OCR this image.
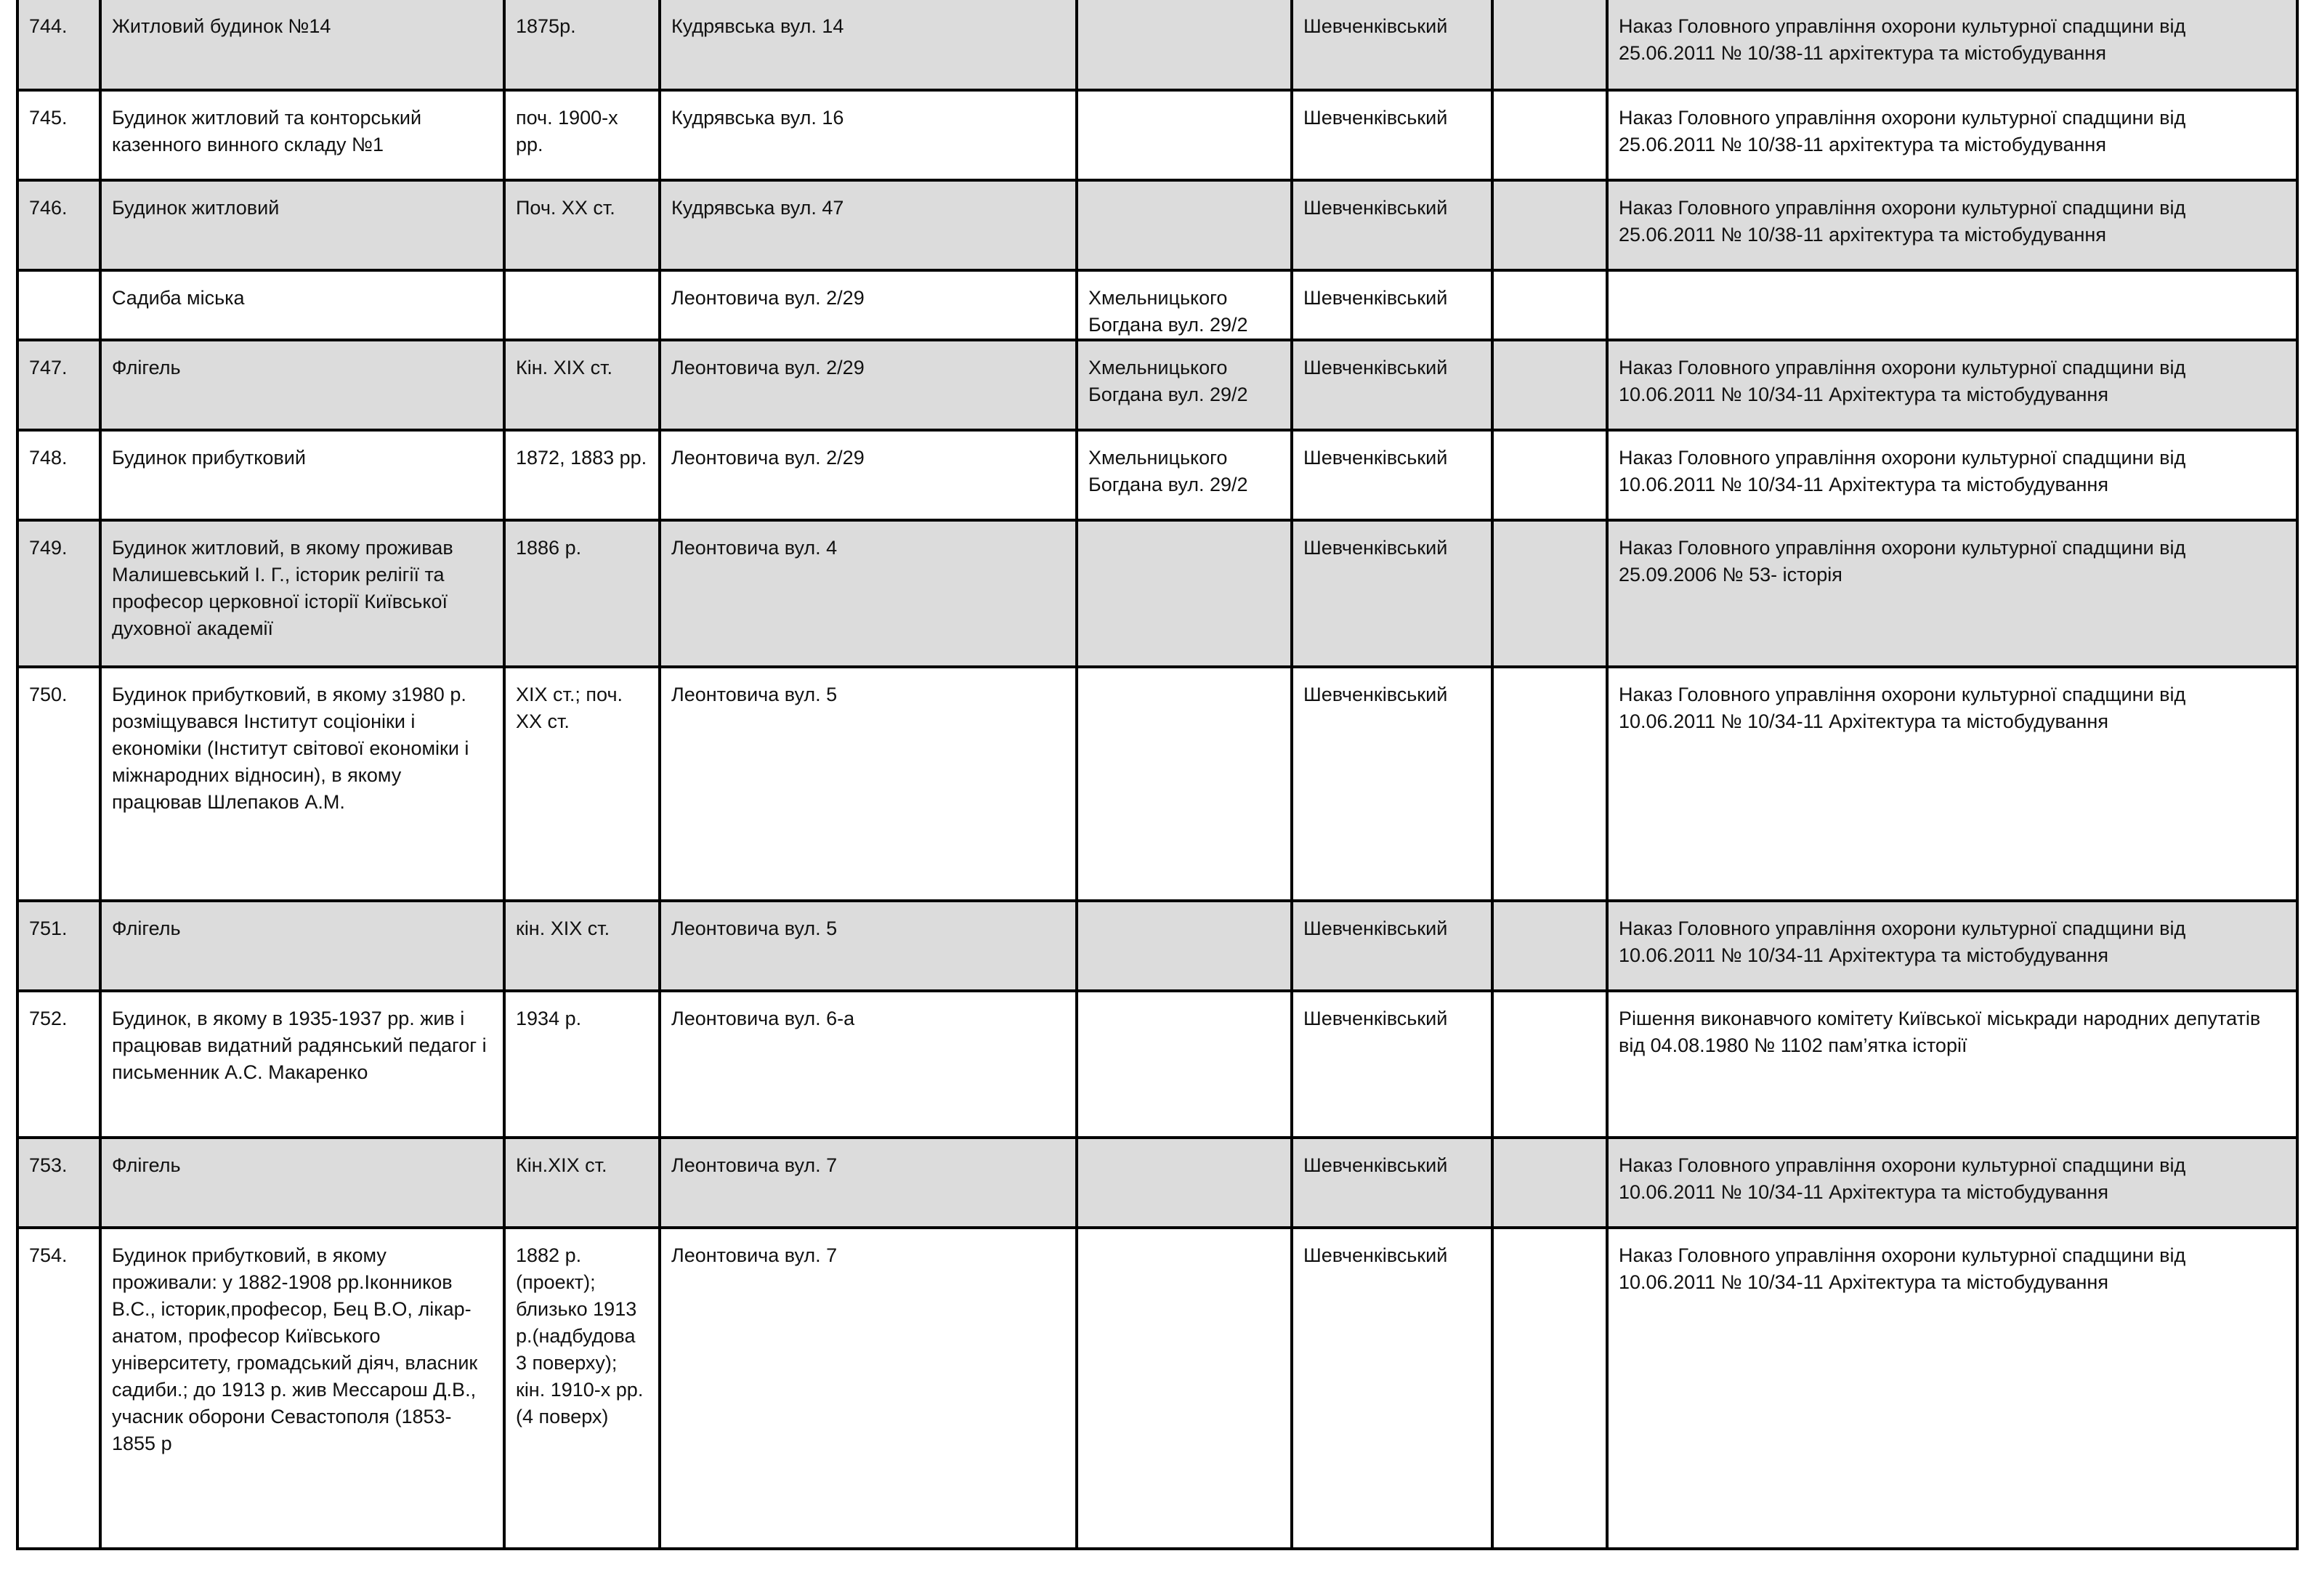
744.	Житловий будинок №14	1875р.	Кудрявська вул. 14		Шевченківський		Наказ Головного управління охорони культурної спадщини від 25.06.2011 № 10/38-11 архітектура та містобудування
745.	Будинок житловий та конторський казенного винного складу №1	поч. 1900-х рр.	Кудрявська вул. 16		Шевченківський		Наказ Головного управління охорони культурної спадщини від 25.06.2011 № 10/38-11 архітектура та містобудування
746.	Будинок житловий	Поч. ХХ ст.	Кудрявська вул. 47		Шевченківський		Наказ Головного управління охорони культурної спадщини від 25.06.2011 № 10/38-11 архітектура та містобудування
	Садиба міська		Леонтовича вул. 2/29	Хмельницького Богдана вул. 29/2	Шевченківський		
747.	Флігель	Кін. ХІХ ст.	Леонтовича вул. 2/29	Хмельницького Богдана вул. 29/2	Шевченківський		Наказ Головного управління охорони культурної спадщини від 10.06.2011 № 10/34-11 Архітектура та містобудування
748.	Будинок прибутковий	1872, 1883 рр.	Леонтовича вул. 2/29	Хмельницького Богдана вул. 29/2	Шевченківський		Наказ Головного управління охорони культурної спадщини від 10.06.2011 № 10/34-11 Архітектура та містобудування
749.	Будинок житловий, в якому проживав Малишевський І. Г., історик релігії та професор церковної історії Київської духовної академії	1886 р.	Леонтовича вул. 4		Шевченківський		Наказ Головного управління охорони культурної спадщини від 25.09.2006 № 53- історія
750.	Будинок прибутковий, в якому з1980 р. розміщувався Інститут соціоніки і економіки (Інститут світової економіки і міжнародних відносин), в якому працював Шлепаков А.М.	ХІХ ст.; поч. ХХ ст.	Леонтовича вул. 5		Шевченківський		Наказ Головного управління охорони культурної спадщини від 10.06.2011 № 10/34-11 Архітектура та містобудування
751.	Флігель	кін. ХІХ ст.	Леонтовича вул. 5		Шевченківський		Наказ Головного управління охорони культурної спадщини від 10.06.2011 № 10/34-11 Архітектура та містобудування
752.	Будинок, в якому в 1935-1937 рр. жив і працював видатний радянський педагог і письменник А.С. Макаренко	1934 р.	Леонтовича вул. 6-а		Шевченківський		Рішення виконавчого комітету Київської міськради народних депутатів від 04.08.1980 № 1102 пам’ятка історії
753.	Флігель	Кін.ХІХ ст.	Леонтовича вул. 7		Шевченківський		Наказ Головного управління охорони культурної спадщини від 10.06.2011 № 10/34-11 Архітектура та містобудування
754.	Будинок прибутковий, в якому проживали: у 1882-1908 рр.Іконников В.С., історик,професор, Бец В.О, лікар-анатом, професор Київського університету, громадський діяч, власник садиби.; до 1913 р. жив Мессарош Д.В., учасник оборони Севастополя (1853-1855 р	1882 р.(проект); близько 1913 р.(надбудова 3 поверху); кін. 1910-х рр.(4 поверх)	Леонтовича вул. 7		Шевченківський		Наказ Головного управління охорони культурної спадщини від 10.06.2011 № 10/34-11 Архітектура та містобудування
